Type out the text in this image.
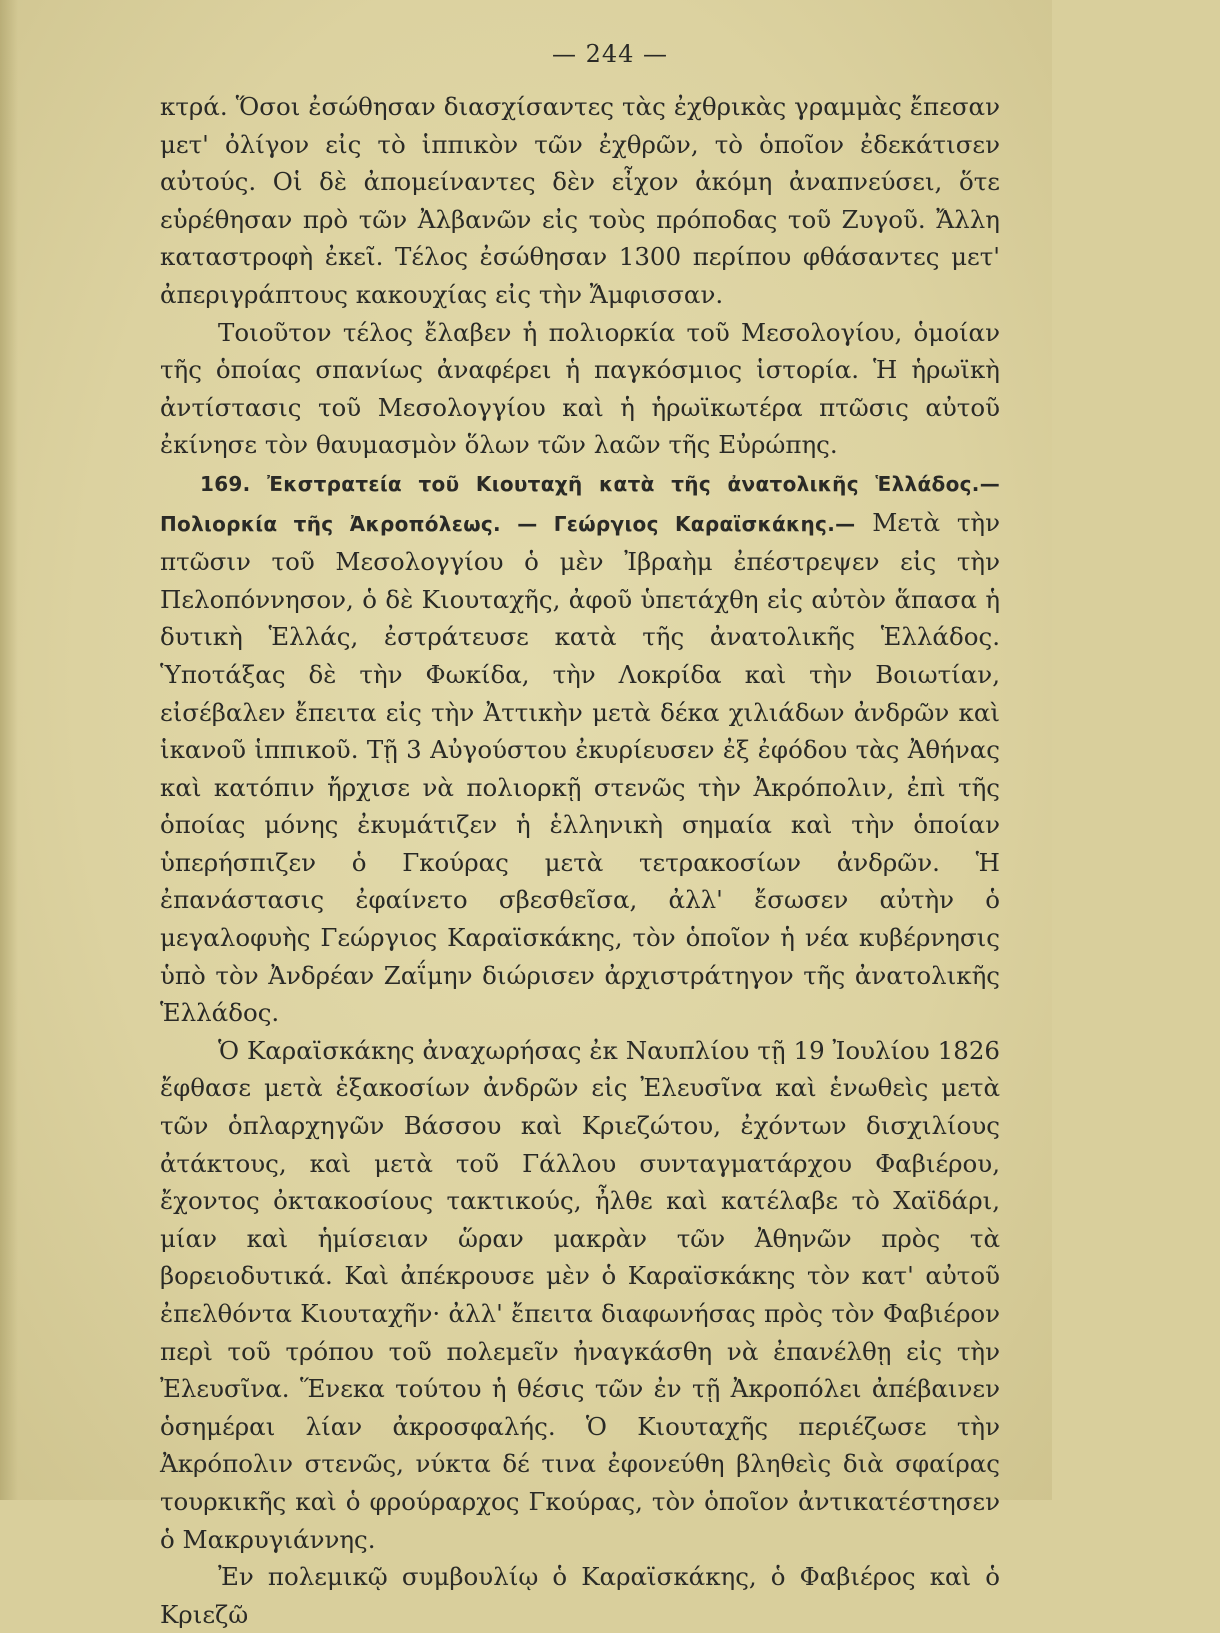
— 244 —

κτρά. Ὅσοι ἐσώθησαν διασχίσαντες τὰς ἐχθρικὰς γραμμὰς ἔπεσαν μετ' ὀλίγον εἰς τὸ ἱππικὸν τῶν ἐχθρῶν, τὸ ὁποῖον ἐδεκάτισεν αὐτούς. Οἱ δὲ ἀπομείναντες δὲν εἶχον ἀκόμη ἀναπνεύσει, ὅτε εὑρέθησαν πρὸ τῶν Ἀλβανῶν εἰς τοὺς πρόποδας τοῦ Ζυγοῦ. Ἄλλη καταστροφὴ ἐκεῖ. Τέλος ἐσώθησαν 1300 περίπου φθάσαντες μετ' ἀπεριγράπτους κακουχίας εἰς τὴν Ἄμφισσαν.

Τοιοῦτον τέλος ἔλαβεν ἡ πολιορκία τοῦ Μεσολογίου, ὁμοίαν τῆς ὁποίας σπανίως ἀναφέρει ἡ παγκόσμιος ἱστορία. Ἡ ἡρωϊκὴ ἀντίστασις τοῦ Μεσολογγίου καὶ ἡ ἡρωϊκωτέρα πτῶσις αὐτοῦ ἐκίνησε τὸν θαυμασμὸν ὅλων τῶν λαῶν τῆς Εὐρώπης.

169. Ἐκστρατεία τοῦ Κιουταχῆ κατὰ τῆς ἀνατολικῆς Ἑλλάδος.— Πολιορκία τῆς Ἀκροπόλεως. — Γεώργιος Καραϊσκάκης.— Μετὰ τὴν πτῶσιν τοῦ Μεσολογγίου ὁ μὲν Ἰβραὴμ ἐπέστρεψεν εἰς τὴν Πελοπόννησον, ὁ δὲ Κιουταχῆς, ἀφοῦ ὑπετάχθη εἰς αὐτὸν ἅπασα ἡ δυτικὴ Ἑλλάς, ἐστράτευσε κατὰ τῆς ἀνατολικῆς Ἑλλάδος. Ὑποτάξας δὲ τὴν Φωκίδα, τὴν Λοκρίδα καὶ τὴν Βοιωτίαν, εἰσέβαλεν ἔπειτα εἰς τὴν Ἀττικὴν μετὰ δέκα χιλιάδων ἀνδρῶν καὶ ἱκανοῦ ἱππικοῦ. Τῇ 3 Αὐγούστου ἐκυρίευσεν ἐξ ἐφόδου τὰς Ἀθήνας καὶ κατόπιν ἤρχισε νὰ πολιορκῇ στενῶς τὴν Ἀκρόπολιν, ἐπὶ τῆς ὁποίας μόνης ἐκυμάτιζεν ἡ ἑλληνικὴ σημαία καὶ τὴν ὁποίαν ὑπερήσπιζεν ὁ Γκούρας μετὰ τετρακοσίων ἀνδρῶν. Ἡ ἐπανάστασις ἐφαίνετο σβεσθεῖσα, ἀλλ' ἔσωσεν αὐτὴν ὁ μεγαλοφυὴς Γεώργιος Καραϊσκάκης, τὸν ὁποῖον ἡ νέα κυβέρνησις ὑπὸ τὸν Ἀνδρέαν Ζαΐμην διώρισεν ἀρχιστράτηγον τῆς ἀνατολικῆς Ἑλλάδος.

Ὁ Καραϊσκάκης ἀναχωρήσας ἐκ Ναυπλίου τῇ 19 Ἰουλίου 1826 ἔφθασε μετὰ ἑξακοσίων ἀνδρῶν εἰς Ἐλευσῖνα καὶ ἑνωθεὶς μετὰ τῶν ὁπλαρχηγῶν Βάσσου καὶ Κριεζώτου, ἐχόντων δισχιλίους ἀτάκτους, καὶ μετὰ τοῦ Γάλλου συνταγματάρχου Φαβιέρου, ἔχοντος ὀκτακοσίους τακτικούς, ἦλθε καὶ κατέλαβε τὸ Χαϊδάρι, μίαν καὶ ἡμίσειαν ὥραν μακρὰν τῶν Ἀθηνῶν πρὸς τὰ βορειοδυτικά. Καὶ ἀπέκρουσε μὲν ὁ Καραϊσκάκης τὸν κατ' αὐτοῦ ἐπελθόντα Κιουταχῆν· ἀλλ' ἔπειτα διαφωνήσας πρὸς τὸν Φαβιέρον περὶ τοῦ τρόπου τοῦ πολεμεῖν ἠναγκάσθη νὰ ἐπανέλθῃ εἰς τὴν Ἐλευσῖνα. Ἕνεκα τούτου ἡ θέσις τῶν ἐν τῇ Ἀκροπόλει ἀπέβαινεν ὁσημέραι λίαν ἀκροσφαλής. Ὁ Κιουταχῆς περιέζωσε τὴν Ἀκρόπολιν στενῶς, νύκτα δέ τινα ἐφονεύθη βληθεὶς διὰ σφαίρας τουρκικῆς καὶ ὁ φρούραρχος Γκούρας, τὸν ὁποῖον ἀντικατέστησεν ὁ Μακρυγιάννης.

Ἐν πολεμικῷ συμβουλίῳ ὁ Καραϊσκάκης, ὁ Φαβιέρος καὶ ὁ Κριεζῶ
